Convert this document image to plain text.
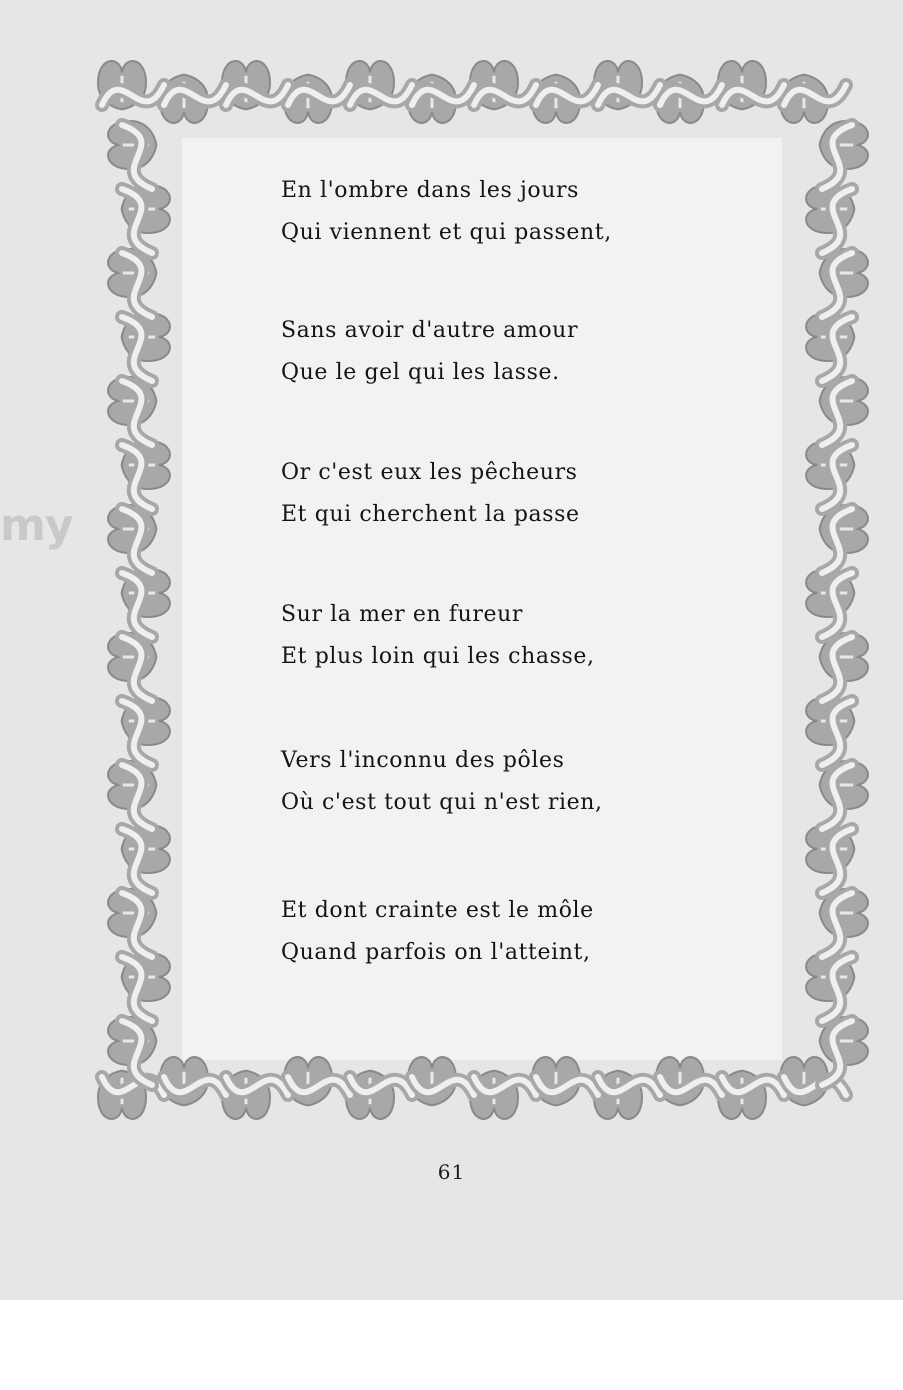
En l'ombre dans les jours
Qui viennent et qui passent,
Sans avoir d'autre amour
Que le gel qui les lasse.
Or c'est eux les pêcheurs
Et qui cherchent la passe
Sur la mer en fureur
Et plus loin qui les chasse,
Vers l'inconnu des pôles
Où c'est tout qui n'est rien,
Et dont crainte est le môle
Quand parfois on l'atteint,
61
my
